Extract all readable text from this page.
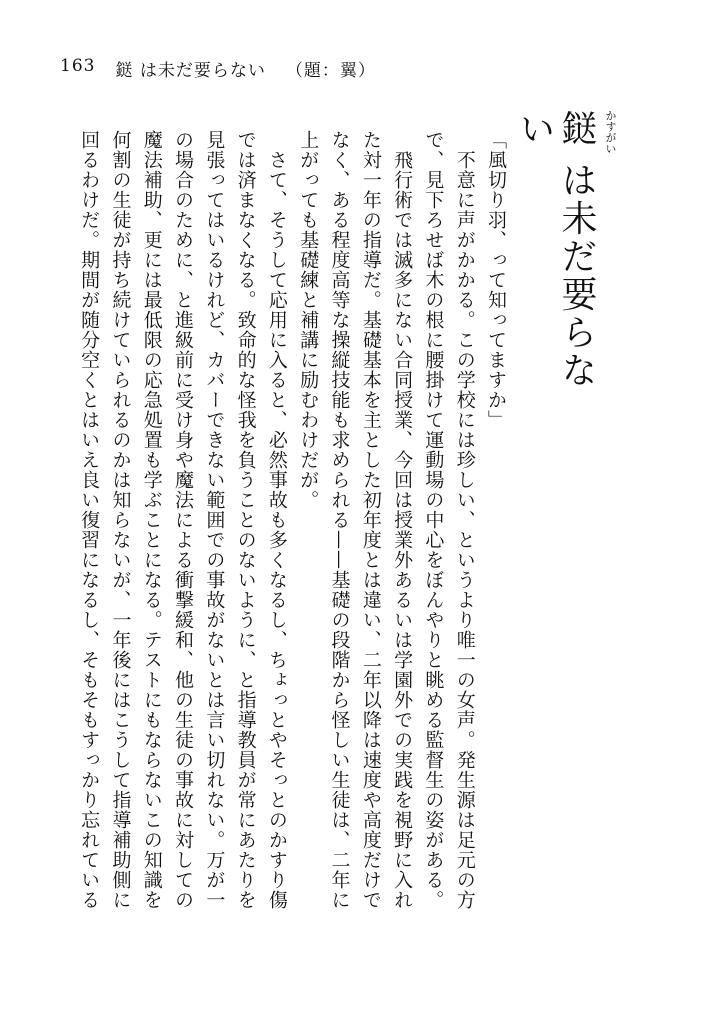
163 鎹 は未だ要らない （題：翼）
鎹 は未だ要らない	かすがい
「風切り羽、って知ってますか」
　不意に声がかかる。この学校には珍しい、というより唯一の女声。発生源は足元の方
で、見下ろせば木の根に腰掛けて運動場の中心をぼんやりと眺める監督生の姿がある。
　飛行術では滅多にない合同授業、今回は授業外あるいは学園外での実践を視野に入れ
た対一年の指導だ。基礎基本を主とした初年度とは違い、二年以降は速度や高度だけで
なく、ある程度高等な操縦技能も求められる——基礎の段階から怪しい生徒は、二年に
上がっても基礎練と補講に励むわけだが。
　さて、そうして応用に入ると、必然事故も多くなるし、ちょっとやそっとのかすり傷
では済まなくなる。致命的な怪我を負うことのないように、と指導教員が常にあたりを
見張ってはいるけれど、カバーできない範囲での事故がないとは言い切れない。万が一
の場合のために、と進級前に受け身や魔法による衝撃緩和、他の生徒の事故に対しての
魔法補助、更には最低限の応急処置も学ぶことになる。テストにもならないこの知識を
何割の生徒が持ち続けていられるのかは知らないが、一年後にはこうして指導補助側に
回るわけだ。期間が随分空くとはいえ良い復習になるし、そもそもすっかり忘れている
